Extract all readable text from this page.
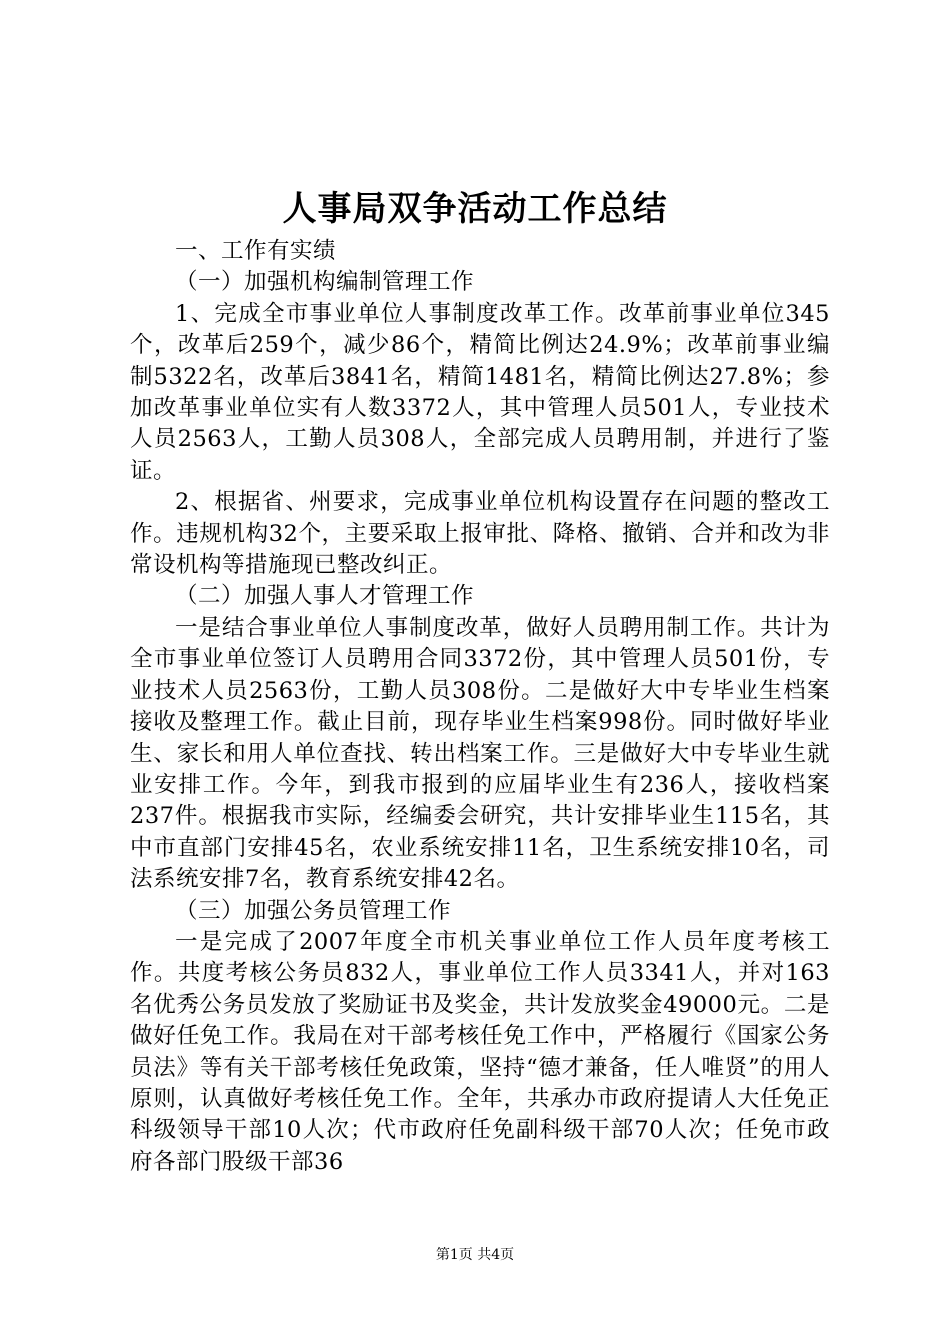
人事局双争活动工作总结

一、工作有实绩

（一）加强机构编制管理工作

1、完成全市事业单位人事制度改革工作。改革前事业单位345个，改革后259个，减少86个，精简比例达24.9%；改革前事业编制5322名，改革后3841名，精简1481名，精简比例达27.8%；参加改革事业单位实有人数3372人，其中管理人员501人，专业技术人员2563人，工勤人员308人，全部完成人员聘用制，并进行了鉴证。

2、根据省、州要求，完成事业单位机构设置存在问题的整改工作。违规机构32个，主要采取上报审批、降格、撤销、合并和改为非常设机构等措施现已整改纠正。

（二）加强人事人才管理工作

一是结合事业单位人事制度改革，做好人员聘用制工作。共计为全市事业单位签订人员聘用合同3372份，其中管理人员501份，专业技术人员2563份，工勤人员308份。二是做好大中专毕业生档案接收及整理工作。截止目前，现存毕业生档案998份。同时做好毕业生、家长和用人单位查找、转出档案工作。三是做好大中专毕业生就业安排工作。今年，到我市报到的应届毕业生有236人，接收档案237件。根据我市实际，经编委会研究，共计安排毕业生115名，其中市直部门安排45名，农业系统安排11名，卫生系统安排10名，司法系统安排7名，教育系统安排42名。

（三）加强公务员管理工作

一是完成了2007年度全市机关事业单位工作人员年度考核工作。共度考核公务员832人，事业单位工作人员3341人，并对163名优秀公务员发放了奖励证书及奖金，共计发放奖金49000元。二是做好任免工作。我局在对干部考核任免工作中，严格履行《国家公务员法》等有关干部考核任免政策，坚持“德才兼备，任人唯贤”的用人原则，认真做好考核任免工作。全年，共承办市政府提请人大任免正科级领导干部10人次；代市政府任免副科级干部70人次；任免市政府各部门股级干部36

第1页 共4页
